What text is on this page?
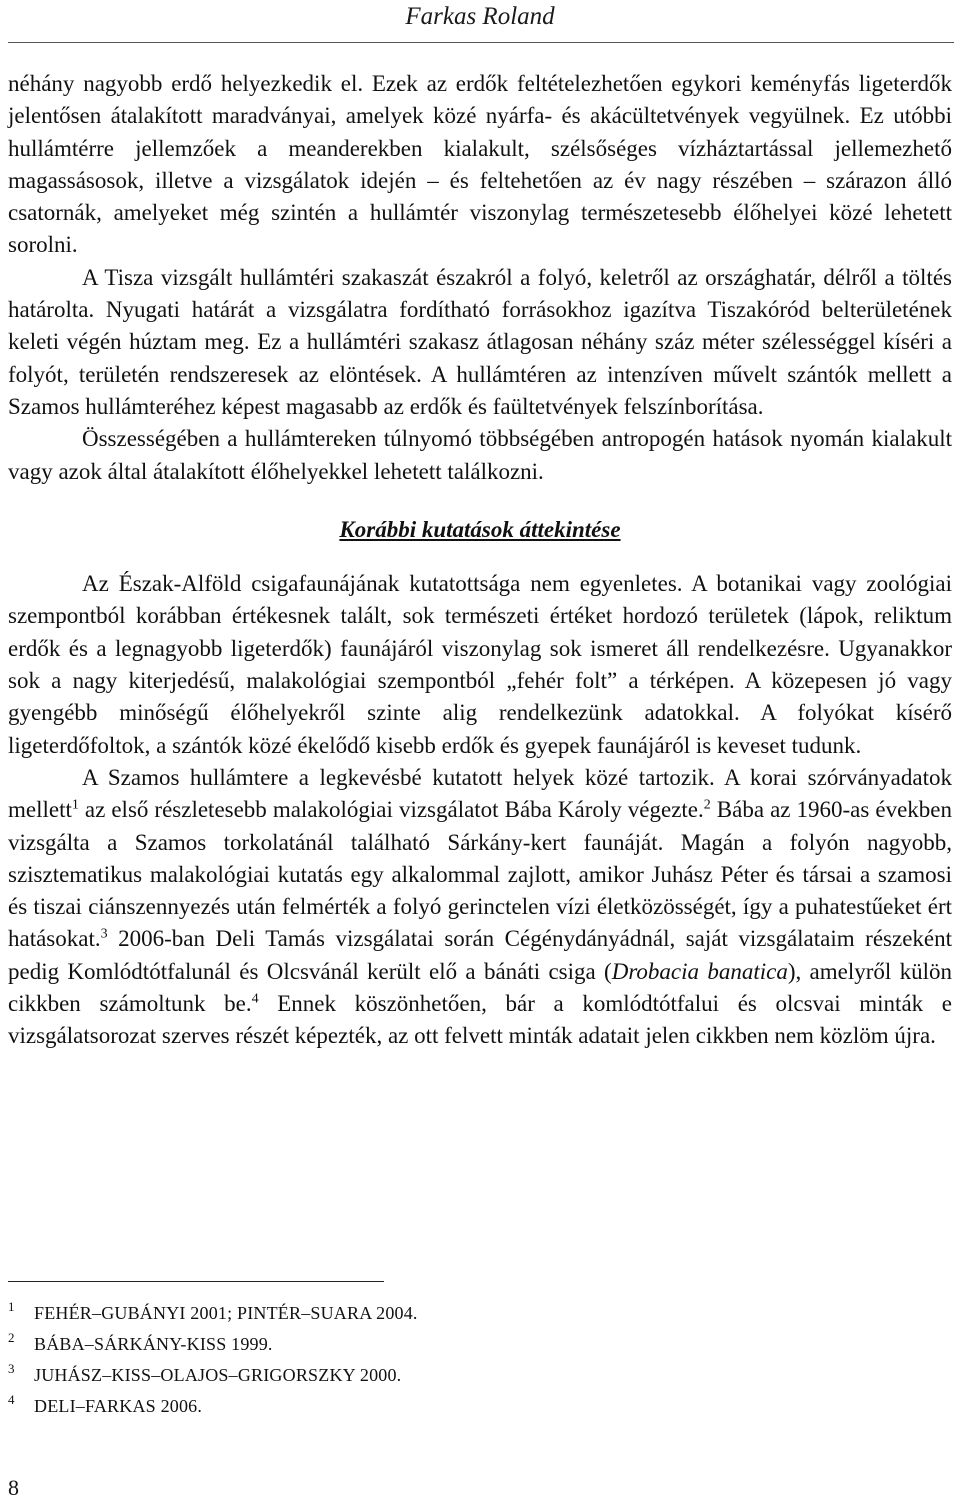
Farkas Roland

néhány nagyobb erdő helyezkedik el. Ezek az erdők feltételezhetően egykori keményfás ligeterdők jelentősen átalakított maradványai, amelyek közé nyárfa- és akácültetvények vegyülnek. Ez utóbbi hullámtérre jellemzőek a meanderekben kialakult, szélsőséges vízháztartással jellemezhető magassásosok, illetve a vizsgálatok idején – és feltehetően az év nagy részében – szárazon álló csatornák, amelyeket még szintén a hullámtér viszonylag természetesebb élőhelyei közé lehetett sorolni.

A Tisza vizsgált hullámtéri szakaszát északról a folyó, keletről az országhatár, délről a töltés határolta. Nyugati határát a vizsgálatra fordítható forrásokhoz igazítva Tiszakóród belterületének keleti végén húztam meg. Ez a hullámtéri szakasz átlagosan néhány száz méter szélességgel kíséri a folyót, területén rendszeresek az elöntések. A hullámtéren az intenzíven művelt szántók mellett a Szamos hullámteréhez képest magasabb az erdők és faültetvények felszínborítása.

Összességében a hullámtereken túlnyomó többségében antropogén hatások nyomán kialakult vagy azok által átalakított élőhelyekkel lehetett találkozni.

Korábbi kutatások áttekintése

Az Észak-Alföld csigafaunájának kutatottsága nem egyenletes. A botanikai vagy zoológiai szempontból korábban értékesnek talált, sok természeti értéket hordozó területek (lápok, reliktum erdők és a legnagyobb ligeterdők) faunájáról viszonylag sok ismeret áll rendelkezésre. Ugyanakkor sok a nagy kiterjedésű, malakológiai szempontból „fehér folt” a térképen. A közepesen jó vagy gyengébb minőségű élőhelyekről szinte alig rendelkezünk adatokkal. A folyókat kísérő ligeterdőfoltok, a szántók közé ékelődő kisebb erdők és gyepek faunájáról is keveset tudunk.

A Szamos hullámtere a legkevésbé kutatott helyek közé tartozik. A korai szórványadatok mellett$^1$ az első részletesebb malakológiai vizsgálatot Bába Károly végezte.$^2$ Bába az 1960-as években vizsgálta a Szamos torkolatánál található Sárkány-kert faunáját. Magán a folyón nagyobb, szisztematikus malakológiai kutatás egy alkalommal zajlott, amikor Juhász Péter és társai a szamosi és tiszai ciánszennyezés után felmérték a folyó gerinctelen vízi életközösségét, így a puhatestűeket ért hatásokat.$^3$ 2006-ban Deli Tamás vizsgálatai során Cégénydányádnál, saját vizsgálataim részeként pedig Komlódtótfalunál és Olcsvánál került elő a bánáti csiga (Drobacia banatica), amelyről külön cikkben számoltunk be.$^4$ Ennek köszönhetően, bár a komlódtótfalui és olcsvai minták e vizsgálatsorozat szerves részét képezték, az ott felvett minták adatait jelen cikkben nem közlöm újra.

1 FEHÉR–GUBÁNYI 2001; PINTÉR–SUARA 2004.
2 BÁBA–SÁRKÁNY-KISS 1999.
3 JUHÁSZ–KISS–OLAJOS–GRIGORSZKY 2000.
4 DELI–FARKAS 2006.
8
